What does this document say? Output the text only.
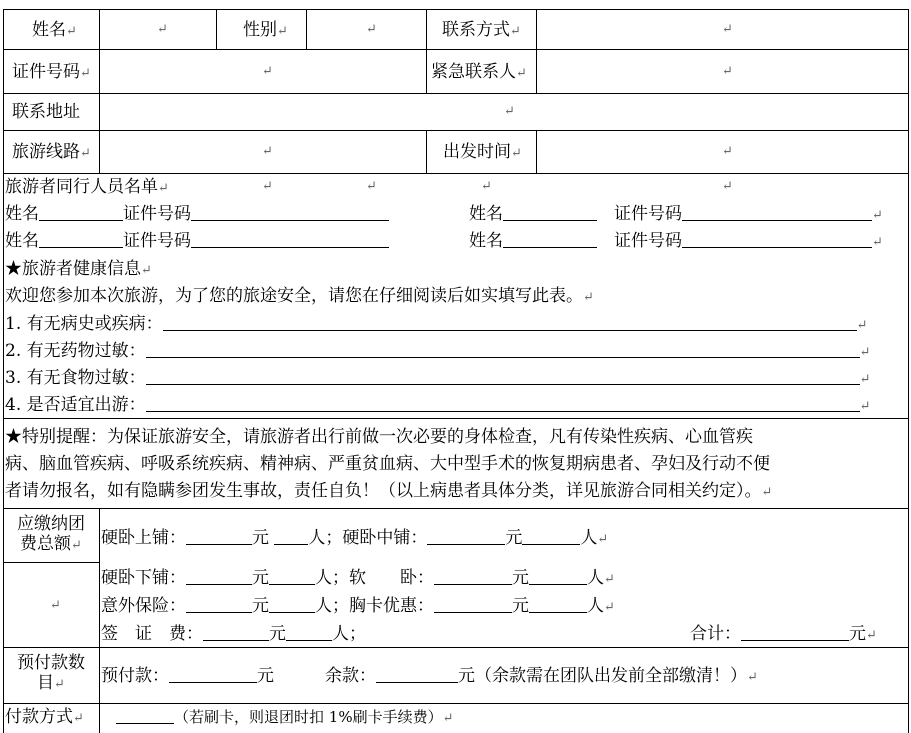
姓名↵	↵	性别↵	↵	联系方式↵	↵
证件号码↵	↵	紧急联系人↵	↵
联系地址	↵
旅游线路↵	↵	出发时间↵	↵
旅游者同行人员名单↵	↵	↵	↵	↵
姓名	证件号码	姓名　	证件号码	↵
姓名	证件号码	姓名　	证件号码	↵
★旅游者健康信息↵
欢迎您参加本次旅游，为了您的旅途安全，请您在仔细阅读后如实填写此表。↵
1. 有无病史或疾病：	↵
2. 有无药物过敏：	↵
3. 有无食物过敏：	↵
4. 是否适宜出游：	↵
★特别提醒：为保证旅游安全，请旅游者出行前做一次必要的身体检查，凡有传染性疾病、心血管疾
病、脑血管疾病、呼吸系统疾病、精神病、严重贫血病、大中型手术的恢复期病患者、孕妇及行动不便
者请勿报名，如有隐瞒参团发生事故，责任自负！（以上病患者具体分类，详见旅游合同相关约定）。↵
应缴纳团
费总额↵	硬卧上铺：	元 人；硬卧中铺：	元	人↵
↵
硬卧下铺：	元	人；软　　卧：	元	人↵
意外保险：	元	人；胸卡优惠：	元	人↵
签　证　费：	元	人；	合计：	元↵
预付款数
目↵	预付款：	元　　　	余款：	元（余款需在团队出发前全部缴清！）↵
付款方式↵	（若刷卡，则退团时扣 1%刷卡手续费）↵
